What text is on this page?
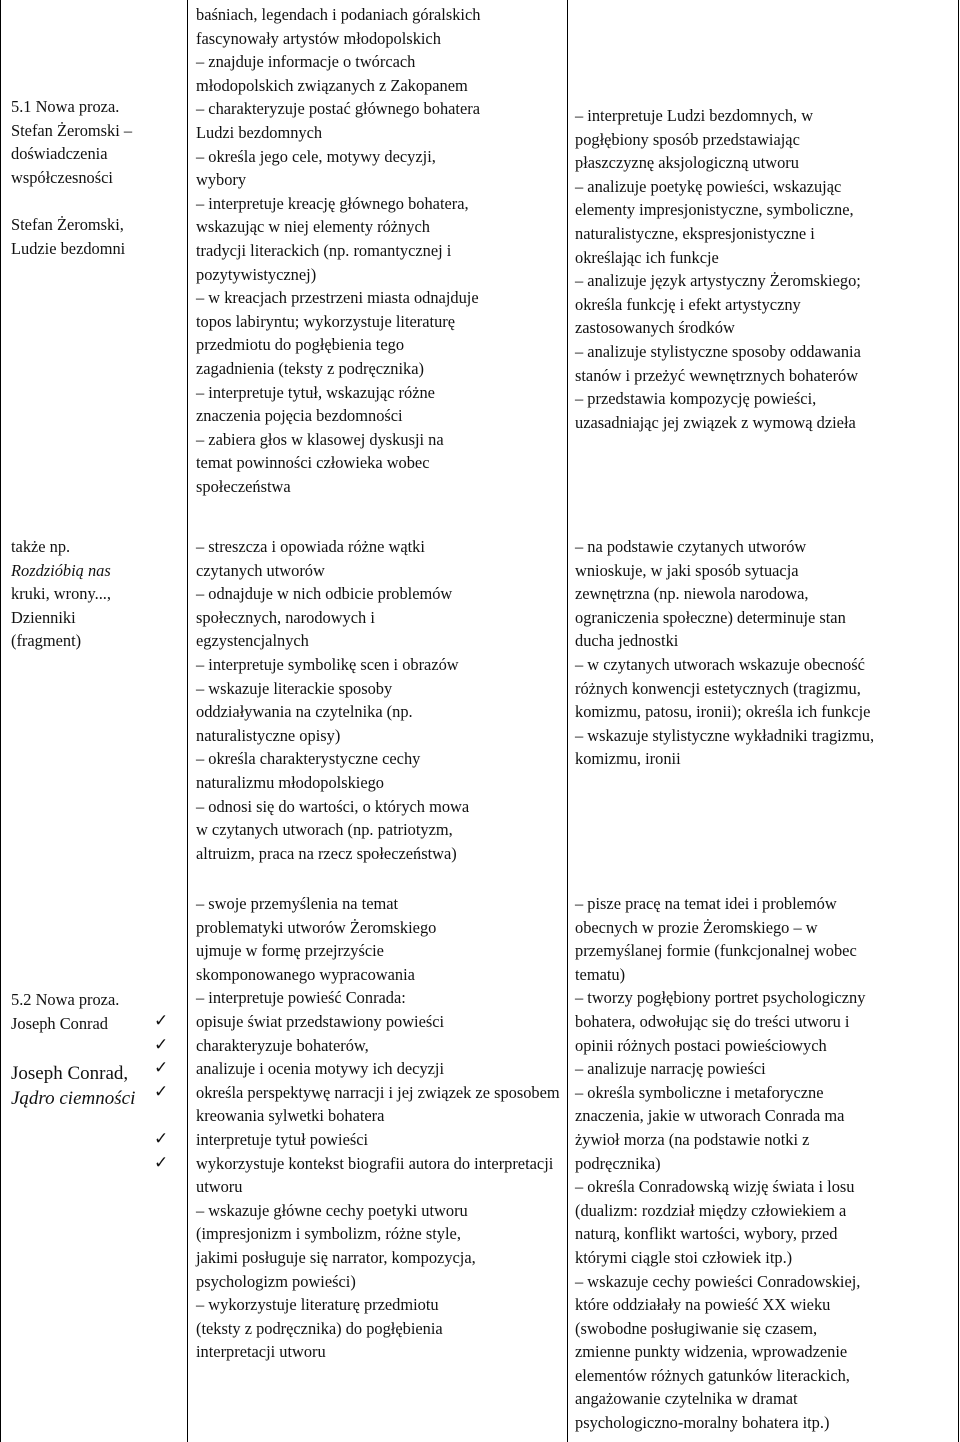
5.1 Nowa proza.
Stefan Żeromski –
doświadczenia
współczesności
Stefan Żeromski,
Ludzie bezdomni
baśniach, legendach i podaniach góralskich
fascynowały artystów młodopolskich
– znajduje informacje o twórcach
młodopolskich związanych z Zakopanem
– charakteryzuje postać głównego bohatera
Ludzi bezdomnych
– określa jego cele, motywy decyzji,
wybory
– interpretuje kreację głównego bohatera,
wskazując w niej elementy różnych
tradycji literackich (np. romantycznej i
pozytywistycznej)
– w kreacjach przestrzeni miasta odnajduje
topos labiryntu; wykorzystuje literaturę
przedmiotu do pogłębienia tego
zagadnienia (teksty z podręcznika)
– interpretuje tytuł, wskazując różne
znaczenia pojęcia bezdomności
– zabiera głos w klasowej dyskusji na
temat powinności człowieka wobec
społeczeństwa
– interpretuje Ludzi bezdomnych, w
pogłębiony sposób przedstawiając
płaszczyznę aksjologiczną utworu
– analizuje poetykę powieści, wskazując
elementy impresjonistyczne, symboliczne,
naturalistyczne, ekspresjonistyczne i
określając ich funkcje
– analizuje język artystyczny Żeromskiego;
określa funkcję i efekt artystyczny
zastosowanych środków
– analizuje stylistyczne sposoby oddawania
stanów i przeżyć wewnętrznych bohaterów
– przedstawia kompozycję powieści,
uzasadniając jej związek z wymową dzieła
także np.
Rozdzióbią nas
kruki, wrony...,
Dzienniki
(fragment)
– streszcza i opowiada różne wątki
czytanych utworów
– odnajduje w nich odbicie problemów
społecznych, narodowych i
egzystencjalnych
– interpretuje symbolikę scen i obrazów
– wskazuje literackie sposoby
oddziaływania na czytelnika (np.
naturalistyczne opisy)
– określa charakterystyczne cechy
naturalizmu młodopolskiego
– odnosi się do wartości, o których mowa
w czytanych utworach (np. patriotyzm,
altruizm, praca na rzecz społeczeństwa)
– na podstawie czytanych utworów
wnioskuje, w jaki sposób sytuacja
zewnętrzna (np. niewola narodowa,
ograniczenia społeczne) determinuje stan
ducha jednostki
– w czytanych utworach wskazuje obecność
różnych konwencji estetycznych (tragizmu,
komizmu, patosu, ironii); określa ich funkcje
– wskazuje stylistyczne wykładniki tragizmu,
komizmu, ironii
5.2 Nowa proza.
Joseph Conrad
Joseph Conrad,
Jądro ciemności
– swoje przemyślenia na temat
problematyki utworów Żeromskiego
ujmuje w formę przejrzyście
skomponowanego wypracowania
– interpretuje powieść Conrada:
✓ opisuje świat przedstawiony powieści
✓ charakteryzuje bohaterów,
✓ analizuje i ocenia motywy ich decyzji
✓ określa perspektywę narracji i jej związek ze sposobem kreowania sylwetki bohatera
✓ interpretuje tytuł powieści
✓ wykorzystuje kontekst biografii autora do interpretacji utworu
– wskazuje główne cechy poetyki utworu
(impresjonizm i symbolizm, różne style,
jakimi posługuje się narrator, kompozycja,
psychologizm powieści)
– wykorzystuje literaturę przedmiotu
(teksty z podręcznika) do pogłębienia
interpretacji utworu
– pisze pracę na temat idei i problemów
obecnych w prozie Żeromskiego – w
przemyślanej formie (funkcjonalnej wobec
tematu)
– tworzy pogłębiony portret psychologiczny
bohatera, odwołując się do treści utworu i
opinii różnych postaci powieściowych
– analizuje narrację powieści
– określa symboliczne i metaforyczne
znaczenia, jakie w utworach Conrada ma
żywioł morza (na podstawie notki z
podręcznika)
– określa Conradowską wizję świata i losu
(dualizm: rozdział między człowiekiem a
naturą, konflikt wartości, wybory, przed
którymi ciągle stoi człowiek itp.)
– wskazuje cechy powieści Conradowskiej,
które oddziałały na powieść XX wieku
(swobodne posługiwanie się czasem,
zmienne punkty widzenia, wprowadzenie
elementów różnych gatunków literackich,
angażowanie czytelnika w dramat
psychologiczno-moralny bohatera itp.)
